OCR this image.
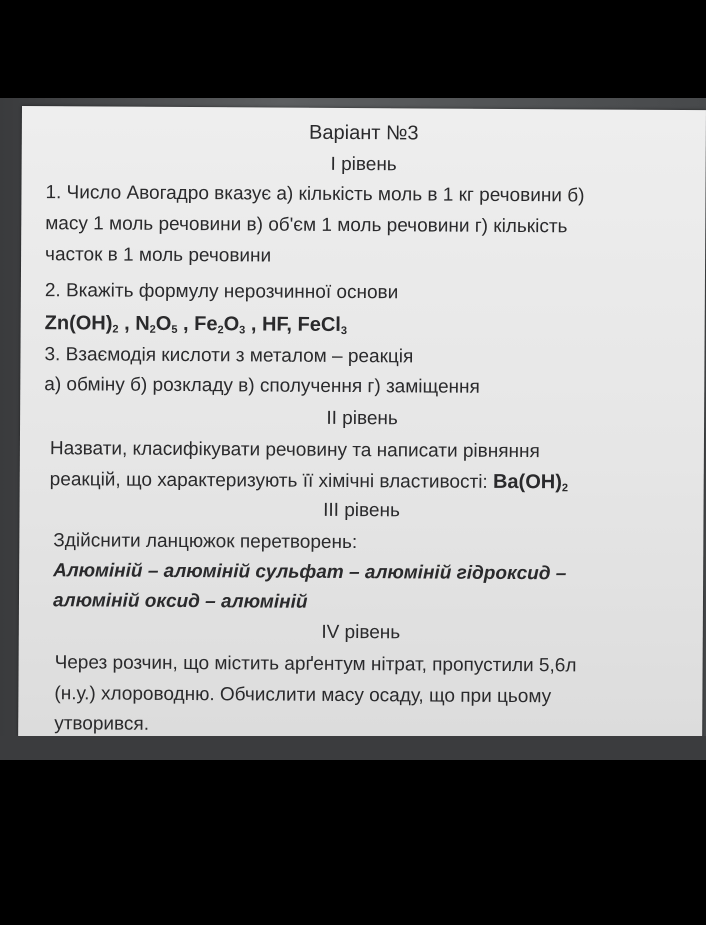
Варіант №3
I рівень
1. Число Авогадро вказує а) кількість моль в 1 кг речовини б)
масу 1 моль речовини в) об'єм 1 моль речовини г) кількість
часток в 1 моль речовини
2. Вкажіть формулу нерозчинної основи
$Zn(OH)_2$ , $N_2O_5$ , $Fe_2O_3$ , HF, FeCl$_3$
3. Взаємодія кислоти з металом – реакція
а) обміну б) розкладу в) сполучення г) заміщення
II рівень
Назвати, класифікувати речовину та написати рівняння
реакцій, що характеризують її хімічні властивості: $Ba(OH)_2$
III рівень
Здійснити ланцюжок перетворень:
Алюміній – алюміній сульфат – алюміній гідроксид –
алюміній оксид – алюміній
IV рівень
Через розчин, що містить арґентум нітрат, пропустили 5,6л
(н.у.) хлороводню. Обчислити масу осаду, що при цьому
утворився.
